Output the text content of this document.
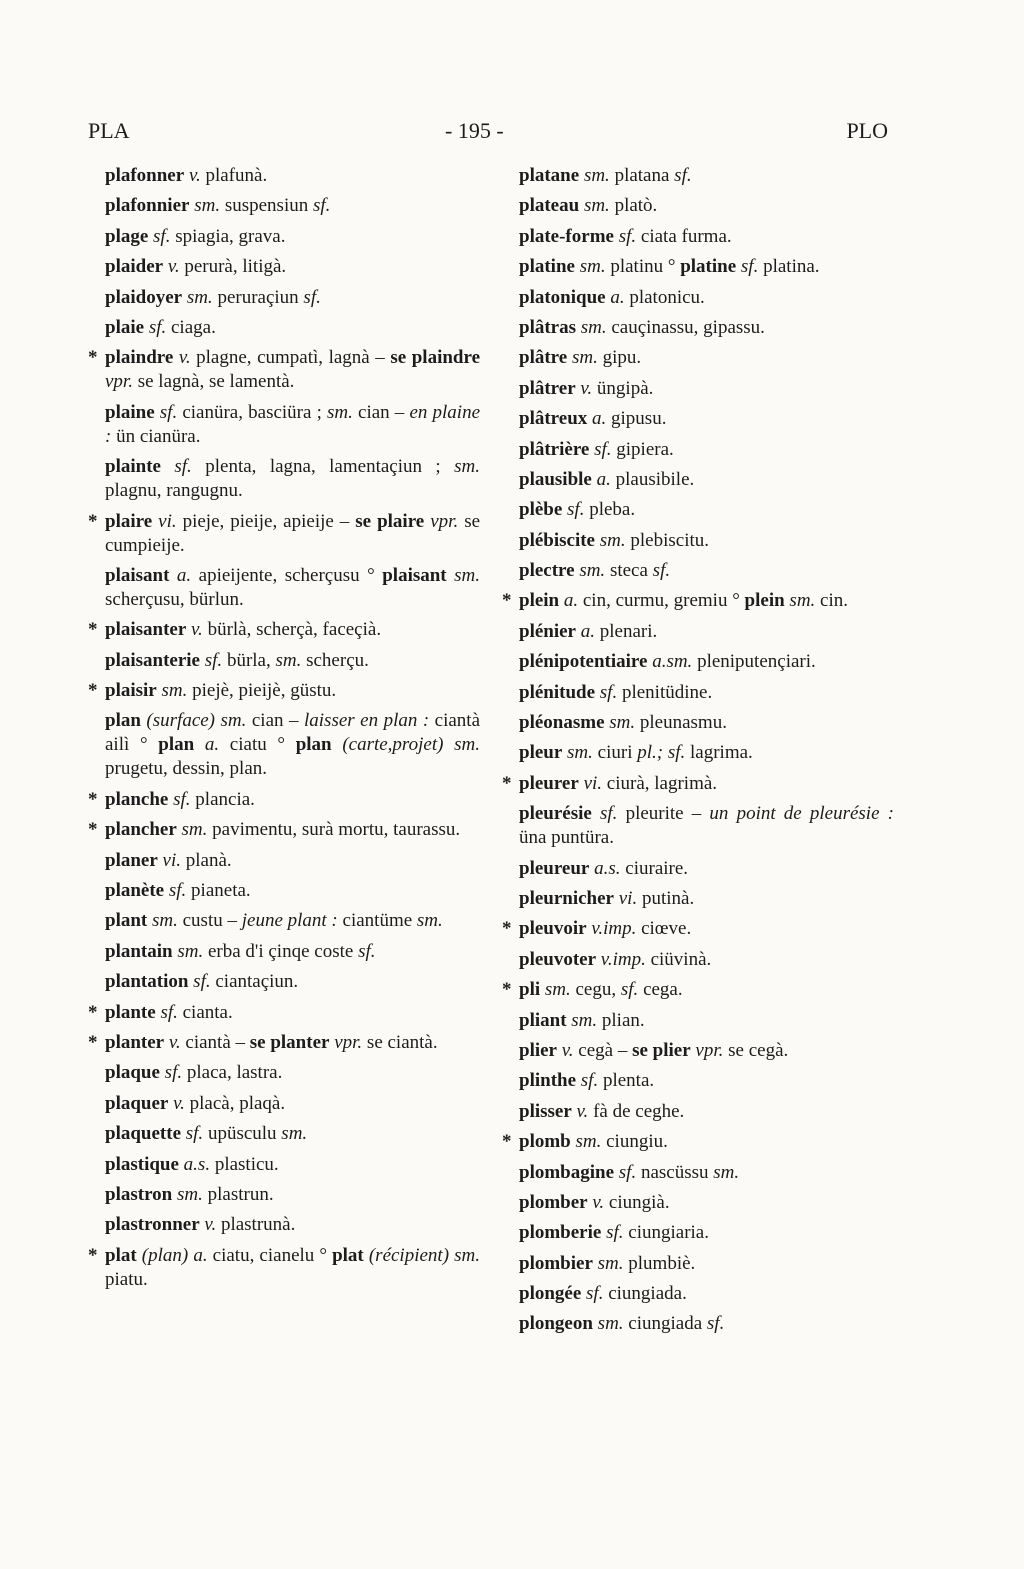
PLA	- 195 -	PLO
plafonner v. plafunà.
plafonnier sm. suspensiun sf.
plage sf. spiagia, grava.
plaider v. perurà, litigà.
plaidoyer sm. peruraçiun sf.
plaie sf. ciaga.
* plaindre v. plagne, cumpatì, lagnà – se plaindre vpr. se lagnà, se lamentà.
plaine sf. cianüra, basciüra ; sm. cian – en plaine : ün cianüra.
plainte sf. plenta, lagna, lamentaçiun ; sm. plagnu, rangugnu.
* plaire vi. pieje, pieije, apieije – se plaire vpr. se cumpieije.
plaisant a. apieijente, scherçusu ° plaisant sm. scherçusu, bürlun.
* plaisanter v. bürlà, scherçà, faceçià.
plaisanterie sf. bürla, sm. scherçu.
* plaisir sm. piejè, pieijè, güstu.
plan (surface) sm. cian – laisser en plan : ciantà ailì ° plan a. ciatu ° plan (carte,projet) sm. prugetu, dessin, plan.
* planche sf. plancia.
* plancher sm. pavimentu, surà mortu, taurassu.
planer vi. planà.
planète sf. pianeta.
plant sm. custu – jeune plant : ciantüme sm.
plantain sm. erba d'i çinqe coste sf.
plantation sf. ciantaçiun.
* plante sf. cianta.
* planter v. ciantà – se planter vpr. se ciantà.
plaque sf. placa, lastra.
plaquer v. placà, plaqà.
plaquette sf. upüsculu sm.
plastique a.s. plasticu.
plastron sm. plastrun.
plastronner v. plastrunà.
* plat (plan) a. ciatu, cianelu ° plat (récipient) sm. piatu.
platane sm. platana sf.
plateau sm. platò.
plate-forme sf. ciata furma.
platine sm. platinu ° platine sf. platina.
platonique a. platonicu.
plâtras sm. cauçinassu, gipassu.
plâtre sm. gipu.
plâtrer v. üngipà.
plâtreux a. gipusu.
plâtrière sf. gipiera.
plausible a. plausibile.
plèbe sf. pleba.
plébiscite sm. plebiscitu.
plectre sm. steca sf.
* plein a. cin, curmu, gremiu ° plein sm. cin.
plénier a. plenari.
plénipotentiaire a.sm. pleniputençiari.
plénitude sf. plenitüdine.
pléonasme sm. pleunasmu.
pleur sm. ciuri pl.; sf. lagrima.
* pleurer vi. ciurà, lagrimà.
pleurésie sf. pleurite – un point de pleurésie : üna puntüra.
pleureur a.s. ciuraire.
pleurnicher vi. putinà.
* pleuvoir v.imp. ciœve.
pleuvoter v.imp. ciüvinà.
* pli sm. cegu, sf. cega.
pliant sm. plian.
plier v. cegà – se plier vpr. se cegà.
plinthe sf. plenta.
plisser v. fà de ceghe.
* plomb sm. ciungiu.
plombagine sf. nascüssu sm.
plomber v. ciungià.
plomberie sf. ciungiaria.
plombier sm. plumbiè.
plongée sf. ciungiada.
plongeon sm. ciungiada sf.
